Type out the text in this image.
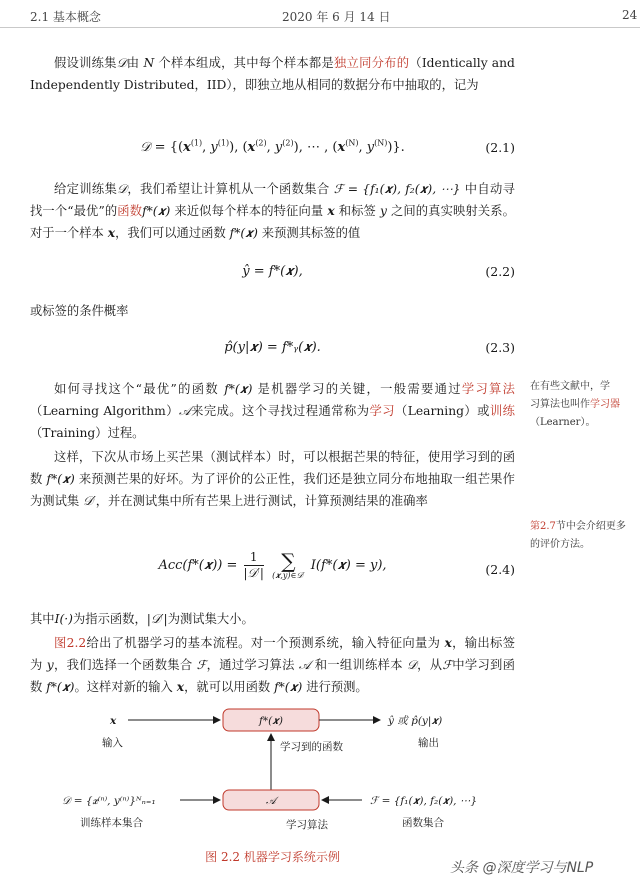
2.1 基本概念	2020 年 6 月 14 日	24

假设训练集𝒟由 N 个样本组成，其中每个样本都是独立同分布的（Identically and Independently Distributed，IID），即独立地从相同的数据分布中抽取的，记为

𝒟 = {($x^{(1)}$, $y^{(1)}$), ($x^{(2)}$, $y^{(2)}$), ⋯ , ($x^{(N)}$, $y^{(N)}$)}.	(2.1)

给定训练集𝒟，我们希望让计算机从一个函数集合 ℱ = {f₁(𝒙), f₂(𝒙), ⋯} 中自动寻找一个“最优”的函数f*(𝒙) 来近似每个样本的特征向量 𝒙 和标签 y 之间的真实映射关系。对于一个样本 𝒙，我们可以通过函数 f*(𝒙) 来预测其标签的值

ŷ = f*(𝒙),	(2.2)

或标签的条件概率

p̂(y|𝒙) = f*ᵧ(𝒙).	(2.3)

如何寻找这个“最优”的函数 f*(𝒙) 是机器学习的关键，一般需要通过学习算法（Learning Algorithm）𝒜来完成。这个寻找过程通常称为学习（Learning）或训练（Training）过程。

这样，下次从市场上买芒果（测试样本）时，可以根据芒果的特征，使用学习到的函数 f*(𝒙) 来预测芒果的好坏。为了评价的公正性，我们还是独立同分布地抽取一组芒果作为测试集 𝒟′，并在测试集中所有芒果上进行测试，计算预测结果的准确率

Acc(f*(𝒙)) = $\frac{1}{\text{|𝒟′|}}$
∑
(𝒙,y)∈𝒟′
I(f*(𝒙) = y),	(2.4)

其中I(·)为指示函数，|𝒟′|为测试集大小。

图2.2给出了机器学习的基本流程。对一个预测系统，输入特征向量为 𝒙，输出标签为 y，我们选择一个函数集合 ℱ，通过学习算法 𝒜 和一组训练样本 𝒟，从ℱ中学习到函数 f*(𝒙)。这样对新的输入 𝒙，就可以用函数 f*(𝒙) 进行预测。

在有些文献中，学
习算法也叫作学习器
（Learner）。
第2.7节中会介绍更多
的评价方法。
𝒙
输入
f*(𝒙)
学习到的函数
ŷ 或 p̂(y|𝒙)
输出
𝒟 = {𝒙⁽ⁿ⁾, y⁽ⁿ⁾}ᴺₙ₌₁
训练样本集合
𝒜
学习算法
ℱ = {f₁(𝒙), f₂(𝒙), ⋯}
函数集合
图 2.2 机器学习系统示例
头条 @深度学习与NLP
